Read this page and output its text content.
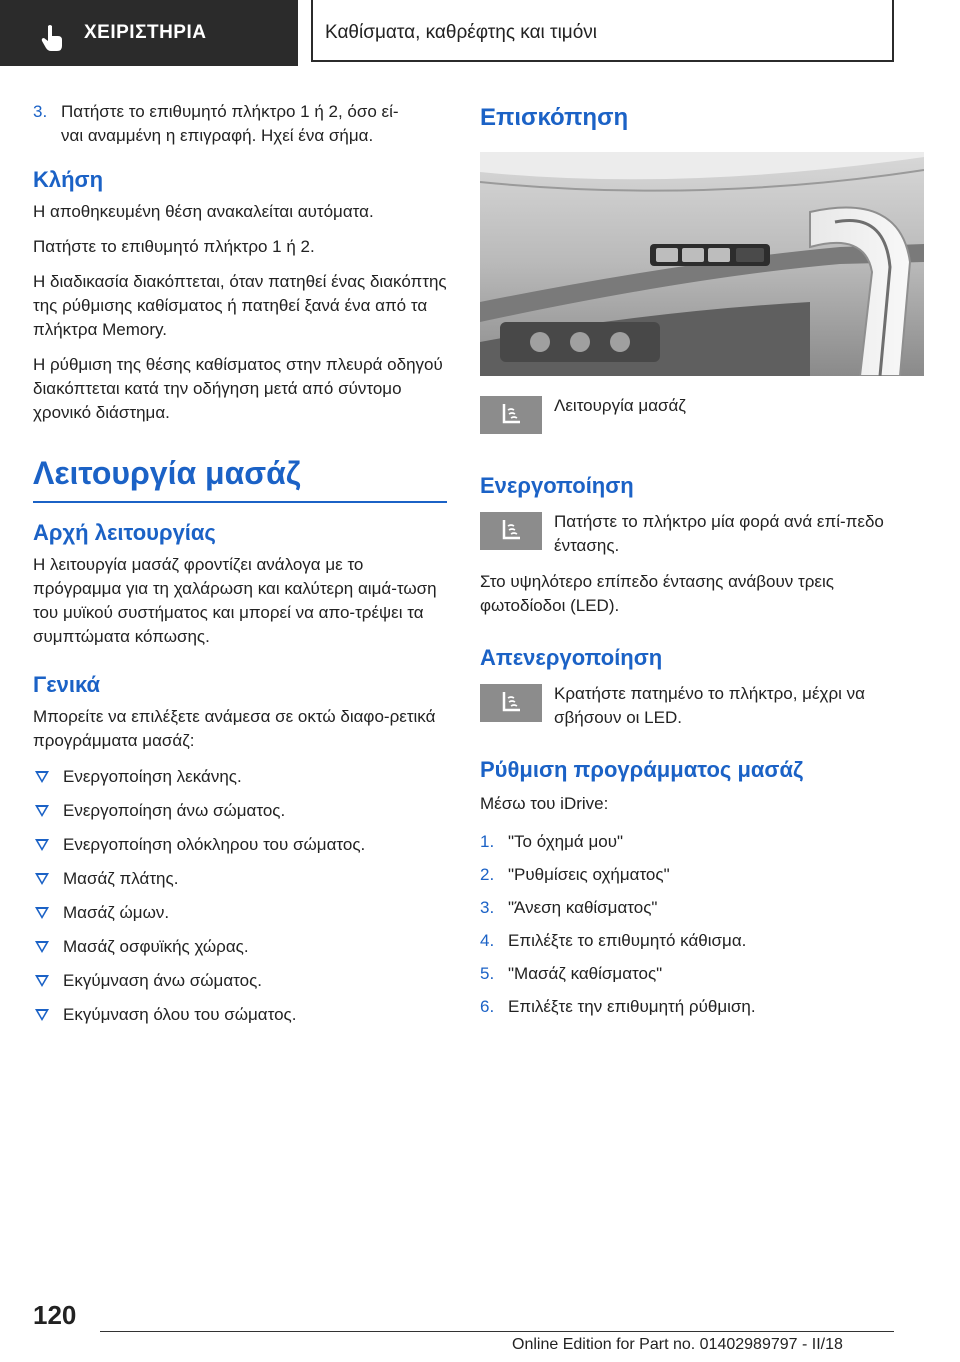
ΧΕΙΡΙΣΤΗΡΙΑ	Καθίσματα, καθρέφτης και τιμόνι
3. Πατήστε το επιθυμητό πλήκτρο 1 ή 2, όσο εί‐
ναι αναμμένη η επιγραφή. Ηχεί ένα σήμα.
Κλήση

Η αποθηκευμένη θέση ανακαλείται αυτόματα.

Πατήστε το επιθυμητό πλήκτρο 1 ή 2.

Η διαδικασία διακόπτεται, όταν πατηθεί ένας διακόπτης της ρύθμισης καθίσματος ή πατηθεί ξανά ένα από τα πλήκτρα Memory.

Η ρύθμιση της θέσης καθίσματος στην πλευρά οδηγού διακόπτεται κατά την οδήγηση μετά από σύντομο χρονικό διάστημα.

Λειτουργία μασάζ
Αρχή λειτουργίας

Η λειτουργία μασάζ φροντίζει ανάλογα με το πρόγραμμα για τη χαλάρωση και καλύτερη αιμά‐τωση του μυϊκού συστήματος και μπορεί να απο‐τρέψει τα συμπτώματα κόπωσης.

Γενικά

Μπορείτε να επιλέξετε ανάμεσα σε οκτώ διαφο‐ρετικά προγράμματα μασάζ:

Ενεργοποίηση λεκάνης.
Ενεργοποίηση άνω σώματος.
Ενεργοποίηση ολόκληρου του σώματος.
Μασάζ πλάτης.
Μασάζ ώμων.
Μασάζ οσφυϊκής χώρας.
Εκγύμναση άνω σώματος.
Εκγύμναση όλου του σώματος.
Επισκόπηση
Λειτουργία μασάζ
Ενεργοποίηση
Πατήστε το πλήκτρο μία φορά ανά επί‐πεδο έντασης.

Στο υψηλότερο επίπεδο έντασης ανάβουν τρεις φωτοδίοδοι (LED).

Απενεργοποίηση
Κρατήστε πατημένο το πλήκτρο, μέχρι να σβήσουν οι LED.
Ρύθμιση προγράμματος μασάζ

Μέσω του iDrive:

1. "Το όχημά μου"
2. "Ρυθμίσεις οχήματος"
3. "Άνεση καθίσματος"
4. Επιλέξτε το επιθυμητό κάθισμα.
5. "Μασάζ καθίσματος"
6. Επιλέξτε την επιθυμητή ρύθμιση.
120
Online Edition for Part no. 01402989797 - II/18
